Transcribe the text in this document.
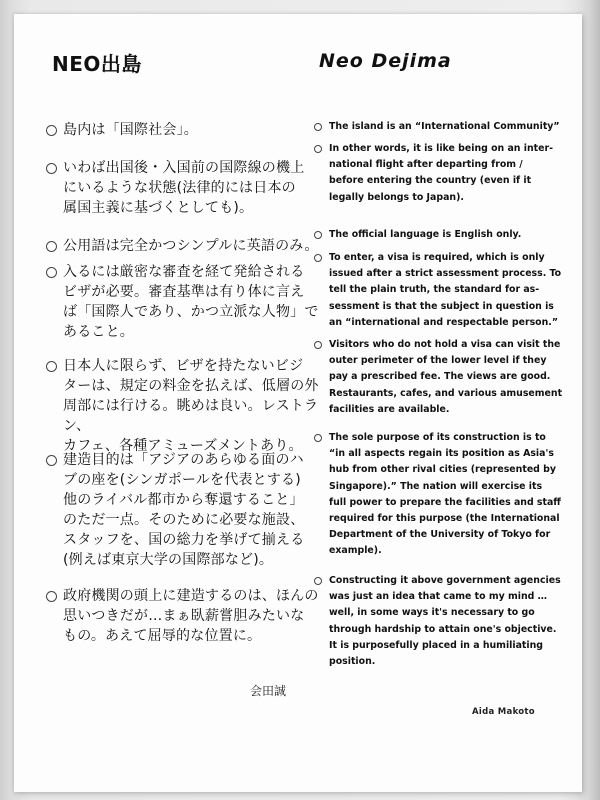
NEO出島	Neo Dejima
島内は「国際社会」。
いわば出国後・入国前の国際線の機上
にいるような状態(法律的には日本の
属国主義に基づくとしても)。
公用語は完全かつシンプルに英語のみ。
入るには厳密な審査を経て発給される
ビザが必要。審査基準は有り体に言え
ば「国際人であり、かつ立派な人物」で
あること。
日本人に限らず、ビザを持たないビジ
ターは、規定の料金を払えば、低層の外
周部には行ける。眺めは良い。レストラン、
カフェ、各種アミューズメントあり。
建造目的は「アジアのあらゆる面のハ
ブの座を(シンガポールを代表とする)
他のライバル都市から奪還すること」
のただ一点。そのために必要な施設、
スタッフを、国の総力を挙げて揃える
(例えば東京大学の国際部など)。
政府機関の頭上に建造するのは、ほんの
思いつきだが…まぁ臥薪嘗胆みたいな
もの。あえて屈辱的な位置に。
The island is an “International Community”
In other words, it is like being on an inter-
national flight after departing from /
before entering the country (even if it
legally belongs to Japan).
The official language is English only.
To enter, a visa is required, which is only
issued after a strict assessment process. To
tell the plain truth, the standard for as-
sessment is that the subject in question is
an “international and respectable person.”
Visitors who do not hold a visa can visit the
outer perimeter of the lower level if they
pay a prescribed fee. The views are good.
Restaurants, cafes, and various amusement
facilities are available.
The sole purpose of its construction is to
“in all aspects regain its position as Asia's
hub from other rival cities (represented by
Singapore).” The nation will exercise its
full power to prepare the facilities and staff
required for this purpose (the International
Department of the University of Tokyo for
example).
Constructing it above government agencies
was just an idea that came to my mind …
well, in some ways it's necessary to go
through hardship to attain one's objective.
It is purposefully placed in a humiliating
position.
会田誠
Aida Makoto
